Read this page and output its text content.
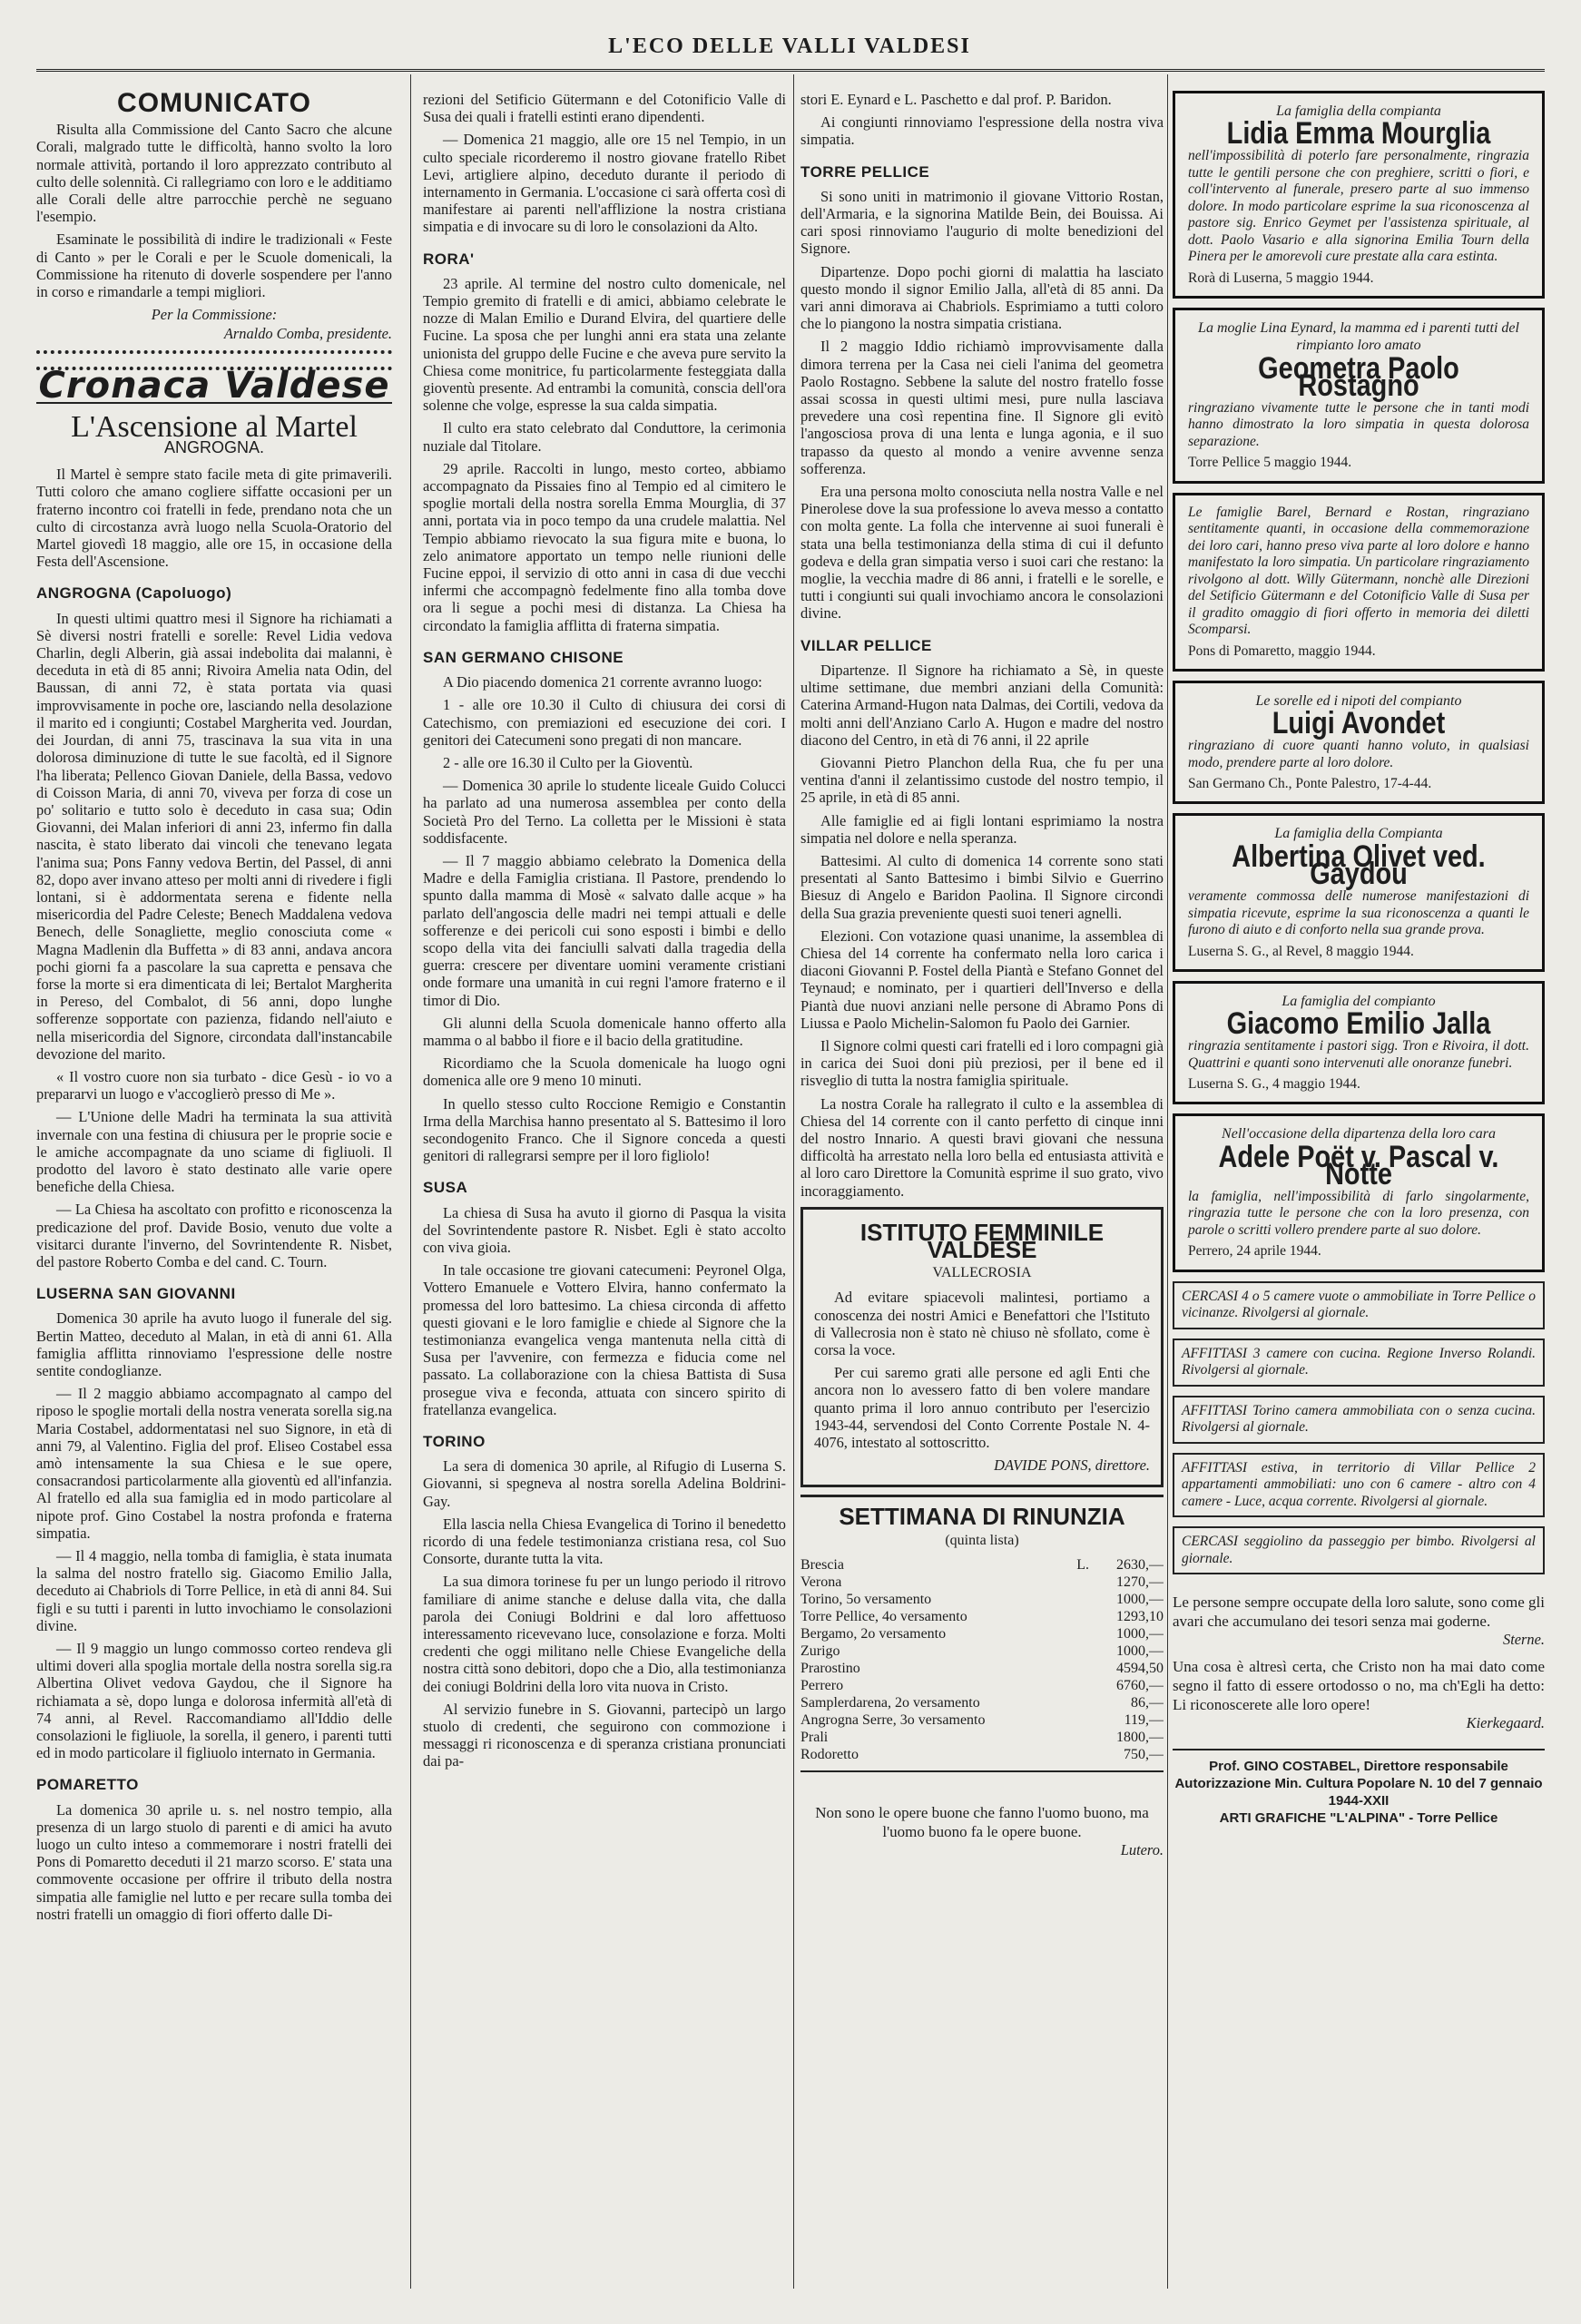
L'ECO DELLE VALLI VALDESI
COMUNICATO

Risulta alla Commissione del Canto Sacro che alcune Corali, malgrado tutte le difficoltà, hanno svolto la loro normale attività, portando il loro apprezzato contributo al culto delle solennità. Ci rallegriamo con loro e le additiamo alle Corali delle altre parrocchie perchè ne seguano l'esempio.

Esaminate le possibilità di indire le tradizionali « Feste di Canto » per le Corali e per le Scuole domenicali, la Commissione ha ritenuto di doverle sospendere per l'anno in corso e rimandarle a tempi migliori.

Per la Commissione:
Arnaldo Comba, presidente.
Cronaca Valdese
L'Ascensione al Martel
ANGROGNA.

Il Martel è sempre stato facile meta di gite primaverili. Tutti coloro che amano cogliere siffatte occasioni per un fraterno incontro coi fratelli in fede, prendano nota che un culto di circostanza avrà luogo nella Scuola-Oratorio del Martel giovedì 18 maggio, alle ore 15, in occasione della Festa dell'Ascensione.

ANGROGNA (Capoluogo)

In questi ultimi quattro mesi il Signore ha richiamati a Sè diversi nostri fratelli e sorelle: Revel Lidia vedova Charlin, degli Alberin, già assai indebolita dai malanni, è deceduta in età di 85 anni; Rivoira Amelia nata Odin, del Baussan, di anni 72, è stata portata via quasi improvvisamente in poche ore, lasciando nella desolazione il marito ed i congiunti; Costabel Margherita ved. Jourdan, dei Jourdan, di anni 75, trascinava la sua vita in una dolorosa diminuzione di tutte le sue facoltà, ed il Signore l'ha liberata; Pellenco Giovan Daniele, della Bassa, vedovo di Coisson Maria, di anni 70, viveva per forza di cose un po' solitario e tutto solo è deceduto in casa sua; Odin Giovanni, dei Malan inferiori di anni 23, infermo fin dalla nascita, è stato liberato dai vincoli che tenevano legata l'anima sua; Pons Fanny vedova Bertin, del Passel, di anni 82, dopo aver invano atteso per molti anni di rivedere i figli lontani, si è addormentata serena e fidente nella misericordia del Padre Celeste; Benech Maddalena vedova Benech, delle Sonagliette, meglio conosciuta come « Magna Madlenin dla Buffetta » di 83 anni, andava ancora pochi giorni fa a pascolare la sua capretta e pensava che forse la morte si era dimenticata di lei; Bertalot Margherita in Pereso, del Combalot, di 56 anni, dopo lunghe sofferenze sopportate con pazienza, fidando nell'aiuto e nella misericordia del Signore, circondata dall'instancabile devozione del marito.

« Il vostro cuore non sia turbato - dice Gesù - io vo a prepararvi un luogo e v'accoglierò presso di Me ».

— L'Unione delle Madri ha terminata la sua attività invernale con una festina di chiusura per le proprie socie e le amiche accompagnate da uno sciame di figliuoli. Il prodotto del lavoro è stato destinato alle varie opere benefiche della Chiesa.

— La Chiesa ha ascoltato con profitto e riconoscenza la predicazione del prof. Davide Bosio, venuto due volte a visitarci durante l'inverno, del Sovrintendente R. Nisbet, del pastore Roberto Comba e del cand. C. Tourn.

LUSERNA SAN GIOVANNI

Domenica 30 aprile ha avuto luogo il funerale del sig. Bertin Matteo, deceduto al Malan, in età di anni 61. Alla famiglia afflitta rinnoviamo l'espressione delle nostre sentite condoglianze.

— Il 2 maggio abbiamo accompagnato al campo del riposo le spoglie mortali della nostra venerata sorella sig.na Maria Costabel, addormentatasi nel suo Signore, in età di anni 79, al Valentino. Figlia del prof. Eliseo Costabel essa amò intensamente la sua Chiesa e le sue opere, consacrandosi particolarmente alla gioventù ed all'infanzia. Al fratello ed alla sua famiglia ed in modo particolare al nipote prof. Gino Costabel la nostra profonda e fraterna simpatia.

— Il 4 maggio, nella tomba di famiglia, è stata inumata la salma del nostro fratello sig. Giacomo Emilio Jalla, deceduto ai Chabriols di Torre Pellice, in età di anni 84. Sui figli e su tutti i parenti in lutto invochiamo le consolazioni divine.

— Il 9 maggio un lungo commosso corteo rendeva gli ultimi doveri alla spoglia mortale della nostra sorella sig.ra Albertina Olivet vedova Gaydou, che il Signore ha richiamata a sè, dopo lunga e dolorosa infermità all'età di 74 anni, al Revel. Raccomandiamo all'Iddio delle consolazioni le figliuole, la sorella, il genero, i parenti tutti ed in modo particolare il figliuolo internato in Germania.

POMARETTO

La domenica 30 aprile u. s. nel nostro tempio, alla presenza di un largo stuolo di parenti e di amici ha avuto luogo un culto inteso a commemorare i nostri fratelli dei Pons di Pomaretto deceduti il 21 marzo scorso. E' stata una commovente occasione per offrire il tributo della nostra simpatia alle famiglie nel lutto e per recare sulla tomba dei nostri fratelli un omaggio di fiori offerto dalle Di-

rezioni del Setificio Gütermann e del Cotonificio Valle di Susa dei quali i fratelli estinti erano dipendenti.

— Domenica 21 maggio, alle ore 15 nel Tempio, in un culto speciale ricorderemo il nostro giovane fratello Ribet Levi, artigliere alpino, deceduto durante il periodo di internamento in Germania. L'occasione ci sarà offerta così di manifestare ai parenti nell'afflizione la nostra cristiana simpatia e di invocare su di loro le consolazioni da Alto.

RORA'

23 aprile. Al termine del nostro culto domenicale, nel Tempio gremito di fratelli e di amici, abbiamo celebrate le nozze di Malan Emilio e Durand Elvira, del quartiere delle Fucine. La sposa che per lunghi anni era stata una zelante unionista del gruppo delle Fucine e che aveva pure servito la Chiesa come monitrice, fu particolarmente festeggiata dalla gioventù presente. Ad entrambi la comunità, conscia dell'ora solenne che volge, espresse la sua calda simpatia.

Il culto era stato celebrato dal Conduttore, la cerimonia nuziale dal Titolare.

29 aprile. Raccolti in lungo, mesto corteo, abbiamo accompagnato da Pissaies fino al Tempio ed al cimitero le spoglie mortali della nostra sorella Emma Mourglia, di 37 anni, portata via in poco tempo da una crudele malattia. Nel Tempio abbiamo rievocato la sua figura mite e buona, lo zelo animatore apportato un tempo nelle riunioni delle Fucine eppoi, il servizio di otto anni in casa di due vecchi infermi che accompagnò fedelmente fino alla tomba dove ora li segue a pochi mesi di distanza. La Chiesa ha circondato la famiglia afflitta di fraterna simpatia.

SAN GERMANO CHISONE

A Dio piacendo domenica 21 corrente avranno luogo:

1 - alle ore 10.30 il Culto di chiusura dei corsi di Catechismo, con premiazioni ed esecuzione dei cori. I genitori dei Catecumeni sono pregati di non mancare.

2 - alle ore 16.30 il Culto per la Gioventù.

— Domenica 30 aprile lo studente liceale Guido Colucci ha parlato ad una numerosa assemblea per conto della Società Pro del Terno. La colletta per le Missioni è stata soddisfacente.

— Il 7 maggio abbiamo celebrato la Domenica della Madre e della Famiglia cristiana. Il Pastore, prendendo lo spunto dalla mamma di Mosè « salvato dalle acque » ha parlato dell'angoscia delle madri nei tempi attuali e delle sofferenze e dei pericoli cui sono esposti i bimbi e dello scopo della vita dei fanciulli salvati dalla tragedia della guerra: crescere per diventare uomini veramente cristiani onde formare una umanità in cui regni l'amore fraterno e il timor di Dio.

Gli alunni della Scuola domenicale hanno offerto alla mamma o al babbo il fiore e il bacio della gratitudine.

Ricordiamo che la Scuola domenicale ha luogo ogni domenica alle ore 9 meno 10 minuti.

In quello stesso culto Roccione Remigio e Constantin Irma della Marchisa hanno presentato al S. Battesimo il loro secondogenito Franco. Che il Signore conceda a questi genitori di rallegrarsi sempre per il loro figliolo!

SUSA

La chiesa di Susa ha avuto il giorno di Pasqua la visita del Sovrintendente pastore R. Nisbet. Egli è stato accolto con viva gioia.

In tale occasione tre giovani catecumeni: Peyronel Olga, Vottero Emanuele e Vottero Elvira, hanno confermato la promessa del loro battesimo. La chiesa circonda di affetto questi giovani e le loro famiglie e chiede al Signore che la testimonianza evangelica venga mantenuta nella città di Susa per l'avvenire, con fermezza e fiducia come nel passato. La collaborazione con la chiesa Battista di Susa prosegue viva e feconda, attuata con sincero spirito di fratellanza evangelica.

TORINO

La sera di domenica 30 aprile, al Rifugio di Luserna S. Giovanni, si spegneva al nostra sorella Adelina Boldrini-Gay.

Ella lascia nella Chiesa Evangelica di Torino il benedetto ricordo di una fedele testimonianza cristiana resa, col Suo Consorte, durante tutta la vita.

La sua dimora torinese fu per un lungo periodo il ritrovo familiare di anime stanche e deluse dalla vita, che dalla parola dei Coniugi Boldrini e dal loro affettuoso interessamento ricevevano luce, consolazione e forza. Molti credenti che oggi militano nelle Chiese Evangeliche della nostra città sono debitori, dopo che a Dio, alla testimonianza dei coniugi Boldrini della loro vita nuova in Cristo.

Al servizio funebre in S. Giovanni, partecipò un largo stuolo di credenti, che seguirono con commozione i messaggi ri riconoscenza e di speranza cristiana pronunciati dai pa-

stori E. Eynard e L. Paschetto e dal prof. P. Baridon.

Ai congiunti rinnoviamo l'espressione della nostra viva simpatia.

TORRE PELLICE

Si sono uniti in matrimonio il giovane Vittorio Rostan, dell'Armaria, e la signorina Matilde Bein, dei Bouissa. Ai cari sposi rinnoviamo l'augurio di molte benedizioni del Signore.

Dipartenze. Dopo pochi giorni di malattia ha lasciato questo mondo il signor Emilio Jalla, all'età di 85 anni. Da vari anni dimorava ai Chabriols. Esprimiamo a tutti coloro che lo piangono la nostra simpatia cristiana.

Il 2 maggio Iddio richiamò improvvisamente dalla dimora terrena per la Casa nei cieli l'anima del geometra Paolo Rostagno. Sebbene la salute del nostro fratello fosse assai scossa in questi ultimi mesi, pure nulla lasciava prevedere una così repentina fine. Il Signore gli evitò l'angosciosa prova di una lenta e lunga agonia, e il suo trapasso da questo al mondo a venire avvenne senza sofferenza.

Era una persona molto conosciuta nella nostra Valle e nel Pinerolese dove la sua professione lo aveva messo a contatto con molta gente. La folla che intervenne ai suoi funerali è stata una bella testimonianza della stima di cui il defunto godeva e della gran simpatia verso i suoi cari che restano: la moglie, la vecchia madre di 86 anni, i fratelli e le sorelle, e tutti i congiunti sui quali invochiamo ancora le consolazioni divine.

VILLAR PELLICE

Dipartenze. Il Signore ha richiamato a Sè, in queste ultime settimane, due membri anziani della Comunità: Caterina Armand-Hugon nata Dalmas, dei Cortili, vedova da molti anni dell'Anziano Carlo A. Hugon e madre del nostro diacono del Centro, in età di 76 anni, il 22 aprile

Giovanni Pietro Planchon della Rua, che fu per una ventina d'anni il zelantissimo custode del nostro tempio, il 25 aprile, in età di 85 anni.

Alle famiglie ed ai figli lontani esprimiamo la nostra simpatia nel dolore e nella speranza.

Battesimi. Al culto di domenica 14 corrente sono stati presentati al Santo Battesimo i bimbi Silvio e Guerrino Biesuz di Angelo e Baridon Paolina. Il Signore circondi della Sua grazia preveniente questi suoi teneri agnelli.

Elezioni. Con votazione quasi unanime, la assemblea di Chiesa del 14 corrente ha confermato nella loro carica i diaconi Giovanni P. Fostel della Piantà e Stefano Gonnet del Teynaud; e nominato, per i quartieri dell'Inverso e della Piantà due nuovi anziani nelle persone di Abramo Pons di Liussa e Paolo Michelin-Salomon fu Paolo dei Garnier.

Il Signore colmi questi cari fratelli ed i loro compagni già in carica dei Suoi doni più preziosi, per il bene ed il risveglio di tutta la nostra famiglia spirituale.

La nostra Corale ha rallegrato il culto e la assemblea di Chiesa del 14 corrente con il canto perfetto di cinque inni del nostro Innario. A questi bravi giovani che nessuna difficoltà ha arrestato nella loro bella ed entusiasta attività e al loro caro Direttore la Comunità esprime il suo grato, vivo incoraggiamento.

ISTITUTO FEMMINILE VALDESE
VALLECROSIA

Ad evitare spiacevoli malintesi, portiamo a conoscenza dei nostri Amici e Benefattori che l'Istituto di Vallecrosia non è stato nè chiuso nè sfollato, come è corsa la voce.

Per cui saremo grati alle persone ed agli Enti che ancora non lo avessero fatto di ben volere mandare quanto prima il loro annuo contributo per l'esercizio 1943-44, servendosi del Conto Corrente Postale N. 4-4076, intestato al sottoscritto.

DAVIDE PONS, direttore.
SETTIMANA DI RINUNZIA
(quinta lista)
Brescia	L. 2630,—
Verona	1270,—
Torino, 5o versamento	1000,—
Torre Pellice, 4o versamento	1293,10
Bergamo, 2o versamento	1000,—
Zurigo	1000,—
Prarostino	4594,50
Perrero	6760,—
Samplerdarena, 2o versamento	86,—
Angrogna Serre, 3o versamento	119,—
Prali	1800,—
Rodoretto	750,—
Non sono le opere buone che fanno l'uomo buono, ma l'uomo buono fa le opere buone.
Lutero.
La famiglia della compianta
Lidia Emma Mourglia
nell'impossibilità di poterlo fare personalmente, ringrazia tutte le gentili persone che con preghiere, scritti o fiori, e coll'intervento al funerale, presero parte al suo immenso dolore. In modo particolare esprime la sua riconoscenza al pastore sig. Enrico Geymet per l'assistenza spirituale, al dott. Paolo Vasario e alla signorina Emilia Tourn della Pinera per le amorevoli cure prestate alla cara estinta.
Rorà di Luserna, 5 maggio 1944.
La moglie Lina Eynard, la mamma ed i parenti tutti del rimpianto loro amato
Geometra Paolo Rostagno
ringraziano vivamente tutte le persone che in tanti modi hanno dimostrato la loro simpatia in questa dolorosa separazione.
Torre Pellice 5 maggio 1944.
Le famiglie Barel, Bernard e Rostan, ringraziano sentitamente quanti, in occasione della commemorazione dei loro cari, hanno preso viva parte al loro dolore e hanno manifestato la loro simpatia. Un particolare ringraziamento rivolgono al dott. Willy Gütermann, nonchè alle Direzioni del Setificio Gütermann e del Cotonificio Valle di Susa per il gradito omaggio di fiori offerto in memoria dei diletti Scomparsi.
Pons di Pomaretto, maggio 1944.
Le sorelle ed i nipoti del compianto
Luigi Avondet
ringraziano di cuore quanti hanno voluto, in qualsiasi modo, prendere parte al loro dolore.
San Germano Ch., Ponte Palestro, 17-4-44.
La famiglia della Compianta
Albertina Olivet ved. Gaydou
veramente commossa delle numerose manifestazioni di simpatia ricevute, esprime la sua riconoscenza a quanti le furono di aiuto e di conforto nella sua grande prova.
Luserna S. G., al Revel, 8 maggio 1944.
La famiglia del compianto
Giacomo Emilio Jalla
ringrazia sentitamente i pastori sigg. Tron e Rivoira, il dott. Quattrini e quanti sono intervenuti alle onoranze funebri.
Luserna S. G., 4 maggio 1944.
Nell'occasione della dipartenza della loro cara
Adele Poët v. Pascal v. Notte
la famiglia, nell'impossibilità di farlo singolarmente, ringrazia tutte le persone che con la loro presenza, con parole o scritti vollero prendere parte al suo dolore.
Perrero, 24 aprile 1944.
CERCASI 4 o 5 camere vuote o ammobiliate in Torre Pellice o vicinanze. Rivolgersi al giornale.
AFFITTASI 3 camere con cucina. Regione Inverso Rolandi. Rivolgersi al giornale.
AFFITTASI Torino camera ammobiliata con o senza cucina. Rivolgersi al giornale.
AFFITTASI estiva, in territorio di Villar Pellice 2 appartamenti ammobiliati: uno con 6 camere - altro con 4 camere - Luce, acqua corrente. Rivolgersi al giornale.
CERCASI seggiolino da passeggio per bimbo. Rivolgersi al giornale.
Le persone sempre occupate della loro salute, sono come gli avari che accumulano dei tesori senza mai goderne.
Sterne.
Una cosa è altresì certa, che Cristo non ha mai dato come segno il fatto di essere ortodosso o no, ma ch'Egli ha detto: Li riconoscerete alle loro opere!
Kierkegaard.
Prof. GINO COSTABEL, Direttore responsabile
Autorizzazione Min. Cultura Popolare N. 10 del 7 gennaio 1944-XXII
ARTI GRAFICHE "L'ALPINA" - Torre Pellice
